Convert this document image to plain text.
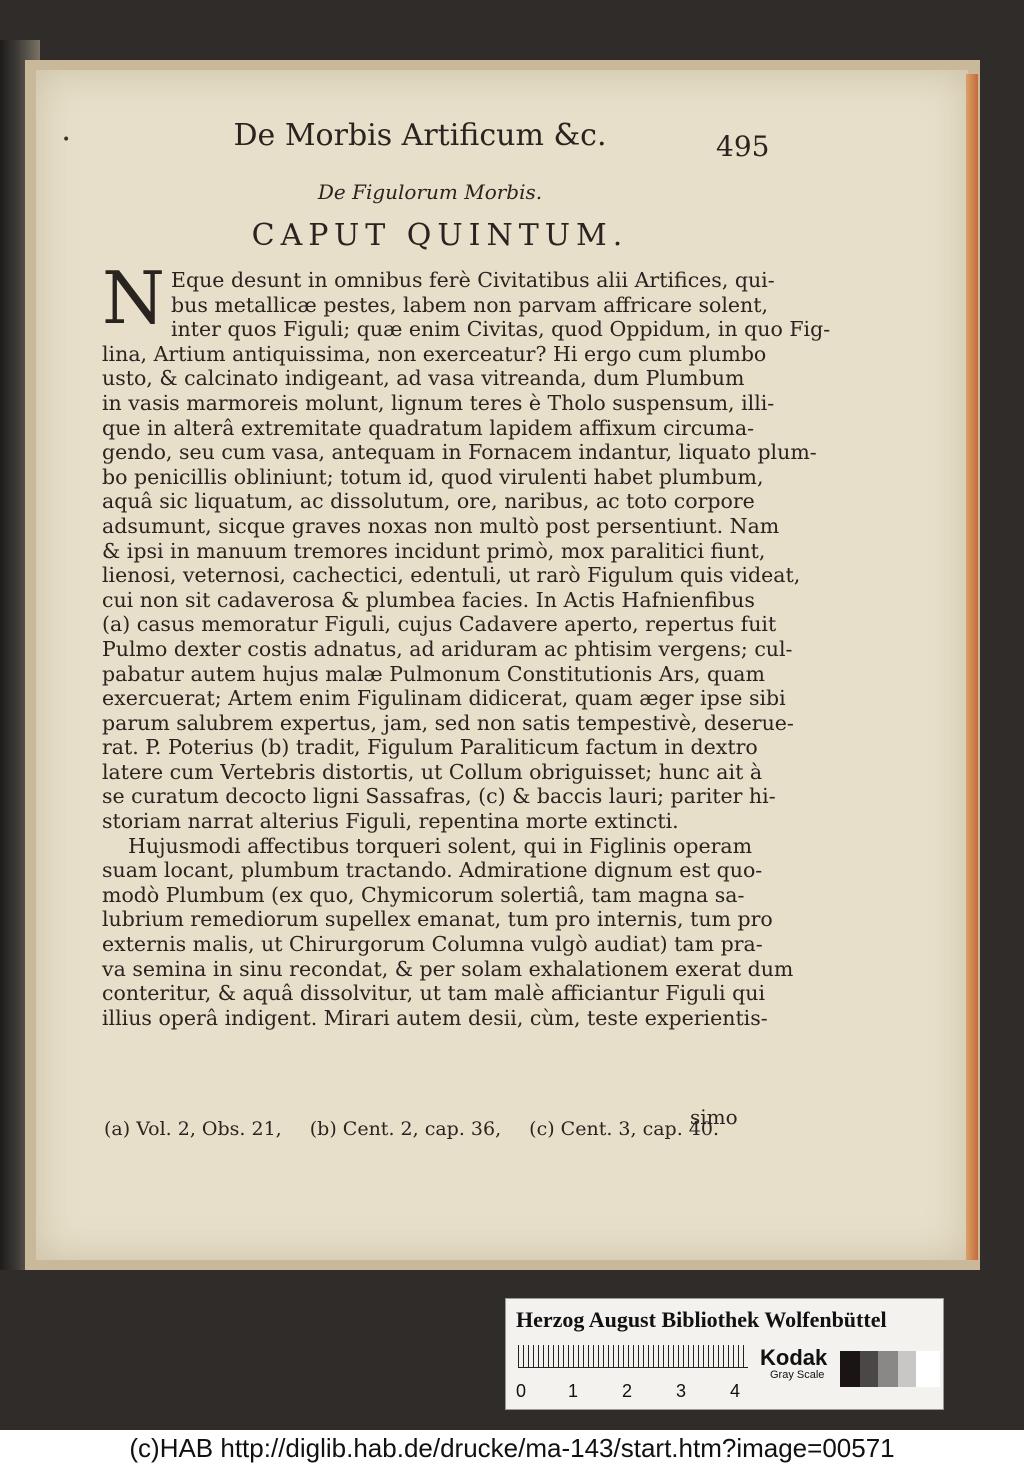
•	De Morbis Artificum &c.	495
De Figulorum Morbis.
CAPUT QUINTUM.
N Eque desunt in omnibus ferè Civitatibus alii Artifices, qui-
bus metallicæ pestes, labem non parvam affricare solent,
inter quos Figuli; quæ enim Civitas, quod Oppidum, in quo Fig-
lina, Artium antiquissima, non exerceatur? Hi ergo cum plumbo
usto, & calcinato indigeant, ad vasa vitreanda, dum Plumbum
in vasis marmoreis molunt, lignum teres è Tholo suspensum, illi-
que in alterâ extremitate quadratum lapidem affixum circuma-
gendo, seu cum vasa, antequam in Fornacem indantur, liquato plum-
bo penicillis obliniunt; totum id, quod virulenti habet plumbum,
aquâ sic liquatum, ac dissolutum, ore, naribus, ac toto corpore
adsumunt, sicque graves noxas non multò post persentiunt. Nam
& ipsi in manuum tremores incidunt primò, mox paralitici fiunt,
lienosi, veternosi, cachectici, edentuli, ut rarò Figulum quis videat,
cui non sit cadaverosa & plumbea facies. In Actis Hafnienfibus
(a) casus memoratur Figuli, cujus Cadavere aperto, repertus fuit
Pulmo dexter costis adnatus, ad ariduram ac phtisim vergens; cul-
pabatur autem hujus malæ Pulmonum Constitutionis Ars, quam
exercuerat; Artem enim Figulinam didicerat, quam æger ipse sibi
parum salubrem expertus, jam, sed non satis tempestivè, deserue-
rat. P. Poterius (b) tradit, Figulum Paraliticum factum in dextro
latere cum Vertebris distortis, ut Collum obriguisset; hunc ait à
se curatum decocto ligni Sassafras, (c) & baccis lauri; pariter hi-
storiam narrat alterius Figuli, repentina morte extincti.
Hujusmodi affectibus torqueri solent, qui in Figlinis operam
suam locant, plumbum tractando. Admiratione dignum est quo-
modò Plumbum (ex quo, Chymicorum solertiâ, tam magna sa-
lubrium remediorum supellex emanat, tum pro internis, tum pro
externis malis, ut Chirurgorum Columna vulgò audiat) tam pra-
va semina in sinu recondat, & per solam exhalationem exerat dum
conteritur, & aquâ dissolvitur, ut tam malè afficiantur Figuli qui
illius operâ indigent. Mirari autem desii, cùm, teste experientis-
simo
(a) Vol. 2, Obs. 21, (b) Cent. 2, cap. 36, (c) Cent. 3, cap. 40.
Herzog August Bibliothek Wolfenbüttel
0 1 2 3 4
Kodak
Gray Scale
(c)HAB http://diglib.hab.de/drucke/ma-143/start.htm?image=00571
